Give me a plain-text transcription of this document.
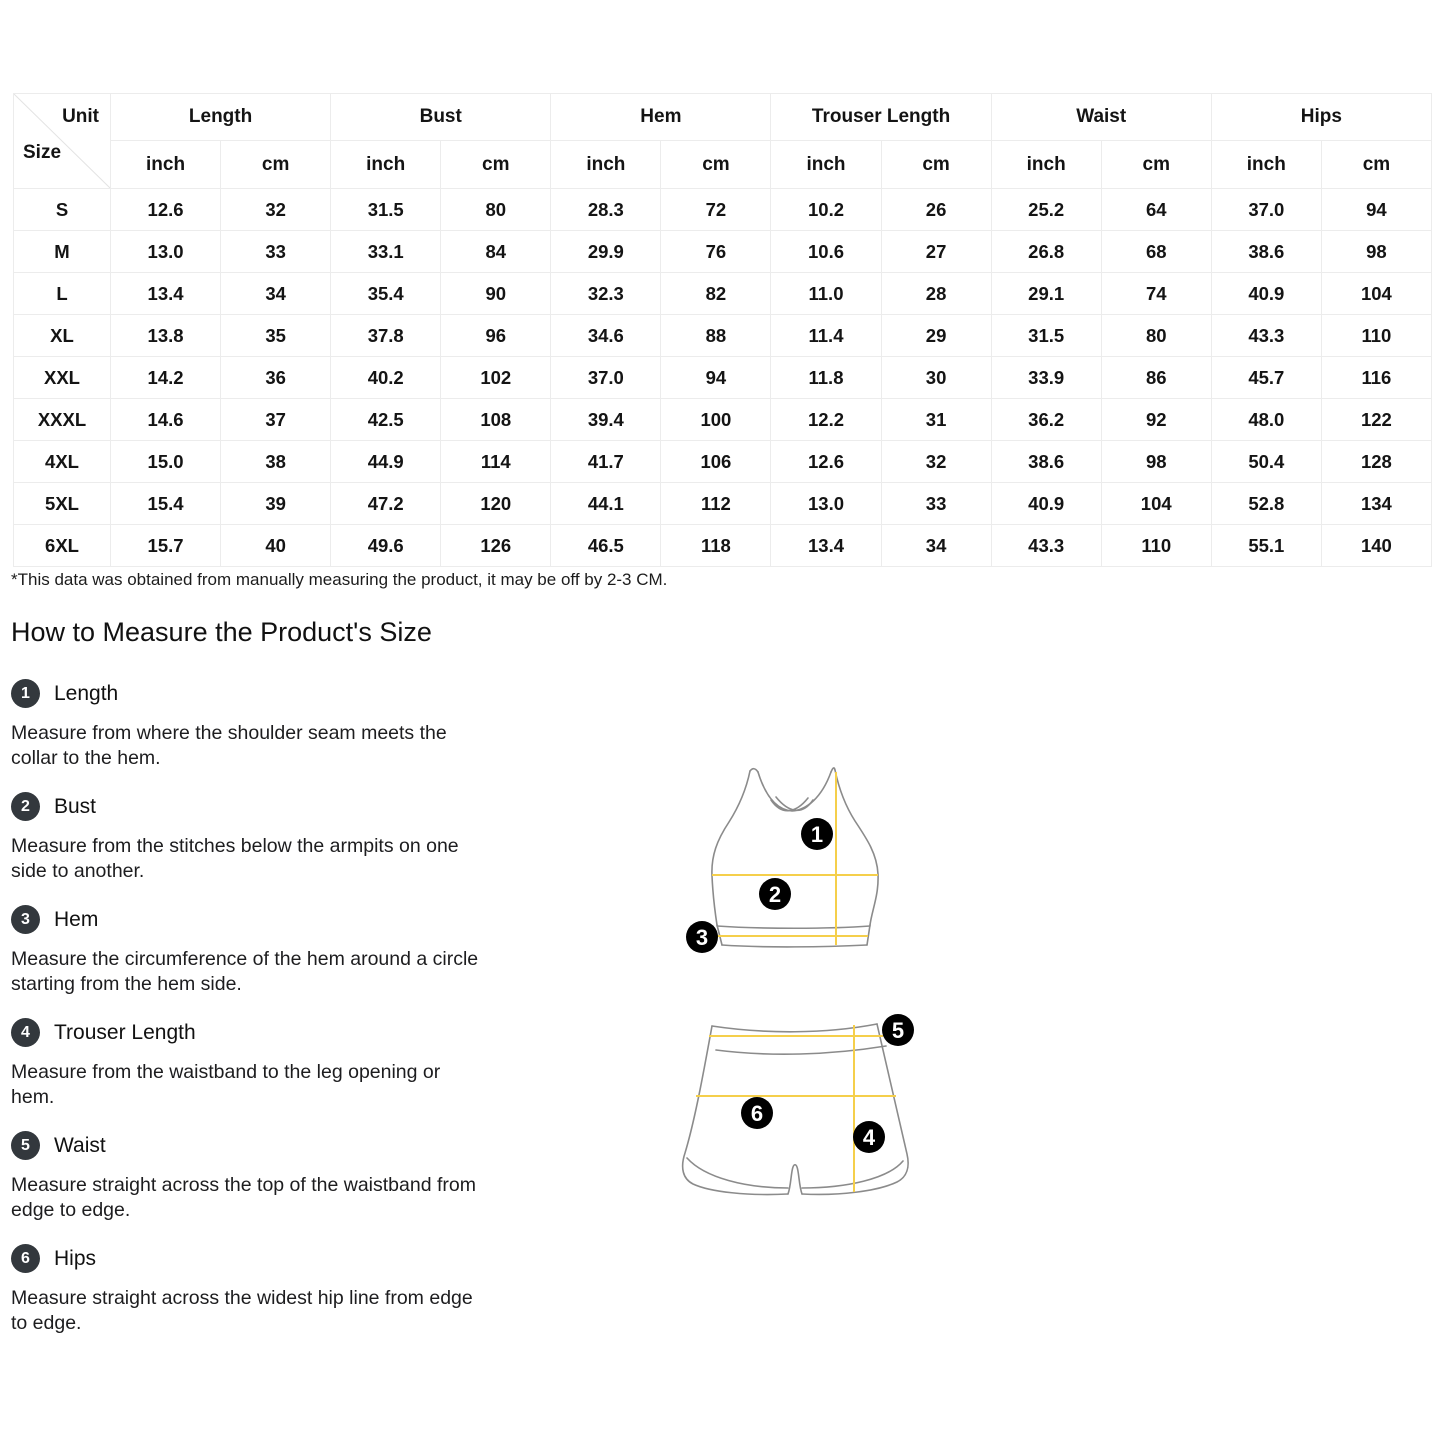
Unit
Size	Length		Bust		Hem		Trouser Length		Waist		Hips	
	inch	cm	inch	cm	inch	cm	inch	cm	inch	cm	inch	cm
S	12.6	32	31.5	80	28.3	72	10.2	26	25.2	64	37.0	94
M	13.0	33	33.1	84	29.9	76	10.6	27	26.8	68	38.6	98
L	13.4	34	35.4	90	32.3	82	11.0	28	29.1	74	40.9	104
XL	13.8	35	37.8	96	34.6	88	11.4	29	31.5	80	43.3	110
XXL	14.2	36	40.2	102	37.0	94	11.8	30	33.9	86	45.7	116
XXXL	14.6	37	42.5	108	39.4	100	12.2	31	36.2	92	48.0	122
4XL	15.0	38	44.9	114	41.7	106	12.6	32	38.6	98	50.4	128
5XL	15.4	39	47.2	120	44.1	112	13.0	33	40.9	104	52.8	134
6XL	15.7	40	49.6	126	46.5	118	13.4	34	43.3	110	55.1	140
*This data was obtained from manually measuring the product, it may be off by 2-3 CM.
How to Measure the Product's Size
1	Length

Measure from where the shoulder seam meets the
collar to the hem.

2	Bust

Measure from the stitches below the armpits on one
side to another.

3	Hem

Measure the circumference of the hem around a circle
starting from the hem side.

4	Trouser Length

Measure from the waistband to the leg opening or
hem.

5	Waist

Measure straight across the top of the waistband from
edge to edge.

6	Hips

Measure straight across the widest hip line from edge
to edge.

1
2
3
5
6
4
